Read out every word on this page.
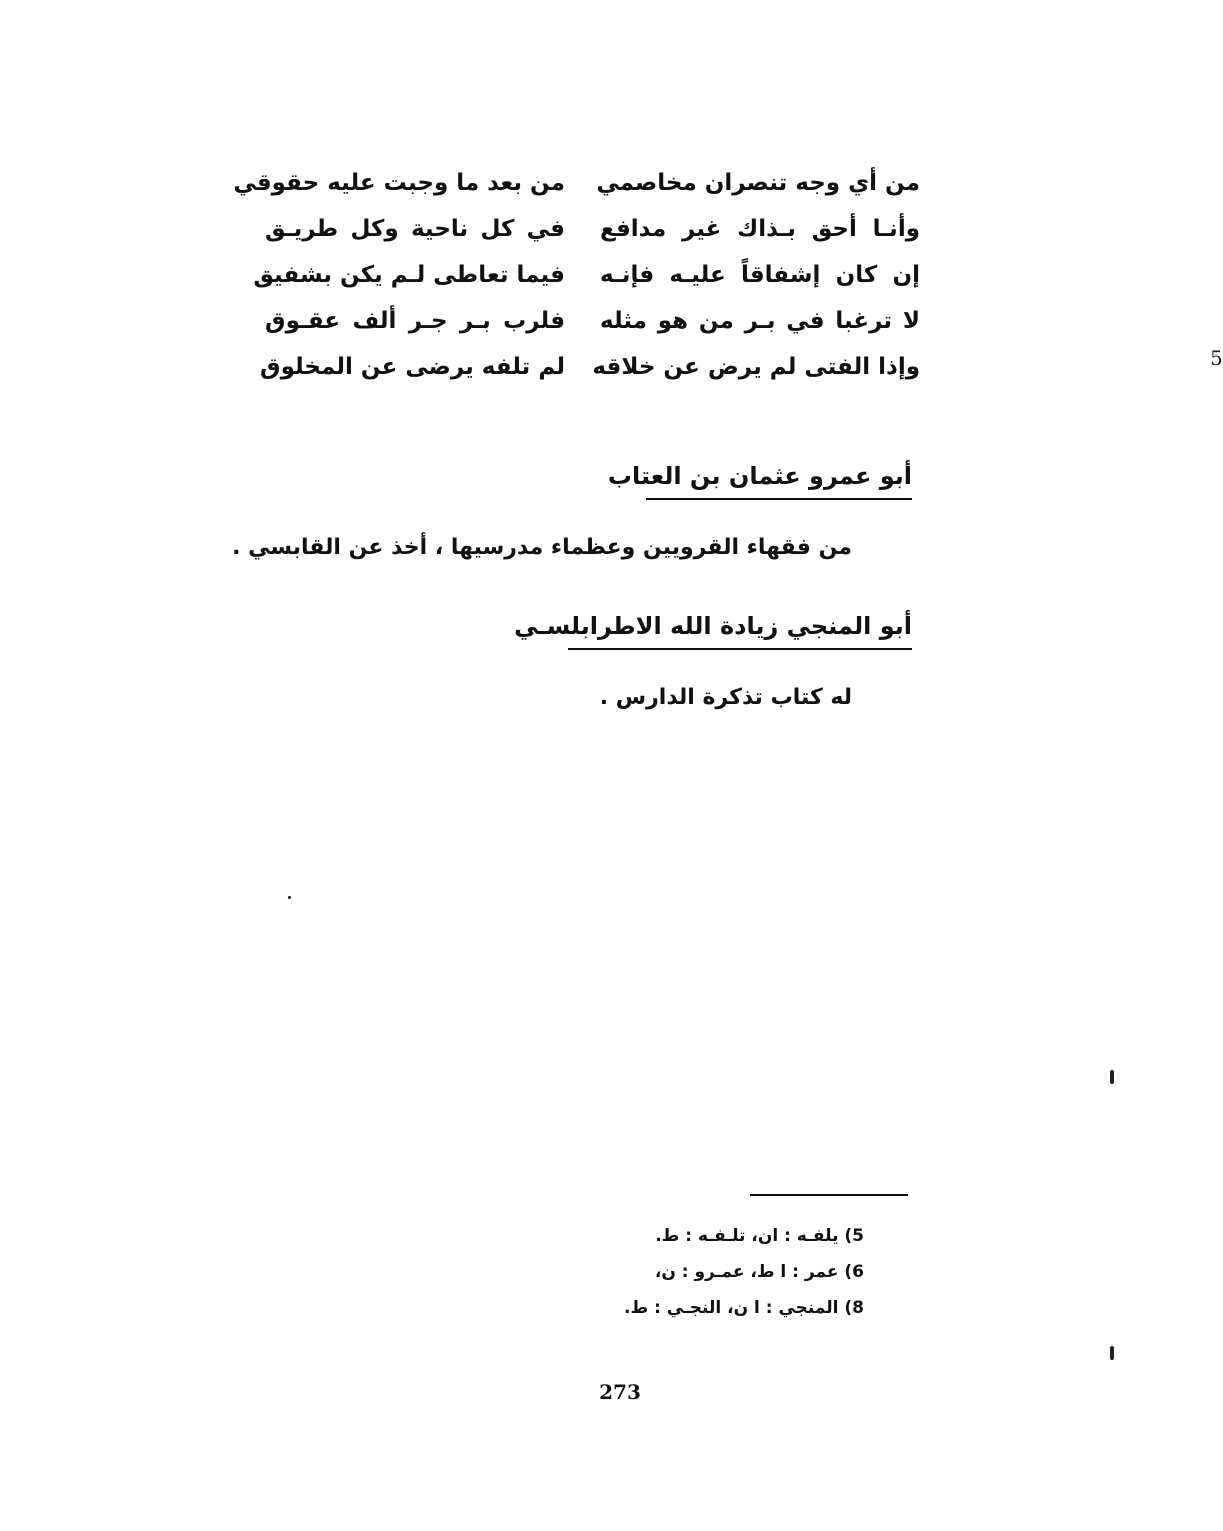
من أي وجه تنصران مخاصمي
من بعد ما وجبت عليه حقوقي
وأنـا أحق بـذاك غير مدافع
في كل ناحية وكل طريـق
إن كان إشفاقاً عليـه فإنـه
فيما تعاطى لـم يكن بشفيق
لا ترغبا في بـر من هو مثله
فلرب بـر جـر ألف عقـوق
وإذا الفتى لم يرض عن خلاقه
لم تلفه يرضى عن المخلوق	5
أبو عمرو عثمان بن العتاب
من فقهاء القرويين وعظماء مدرسيها ، أخذ عن القابسي .
أبو المنجي زيادة الله الاطرابلسـي
له كتاب تذكرة الدارس .
5) يلفـه : ان، تلـفـه : ط.
6) عمر : ا ط، عمـرو : ن،
8) المنجي : ا ن، النجـي : ط.
273
